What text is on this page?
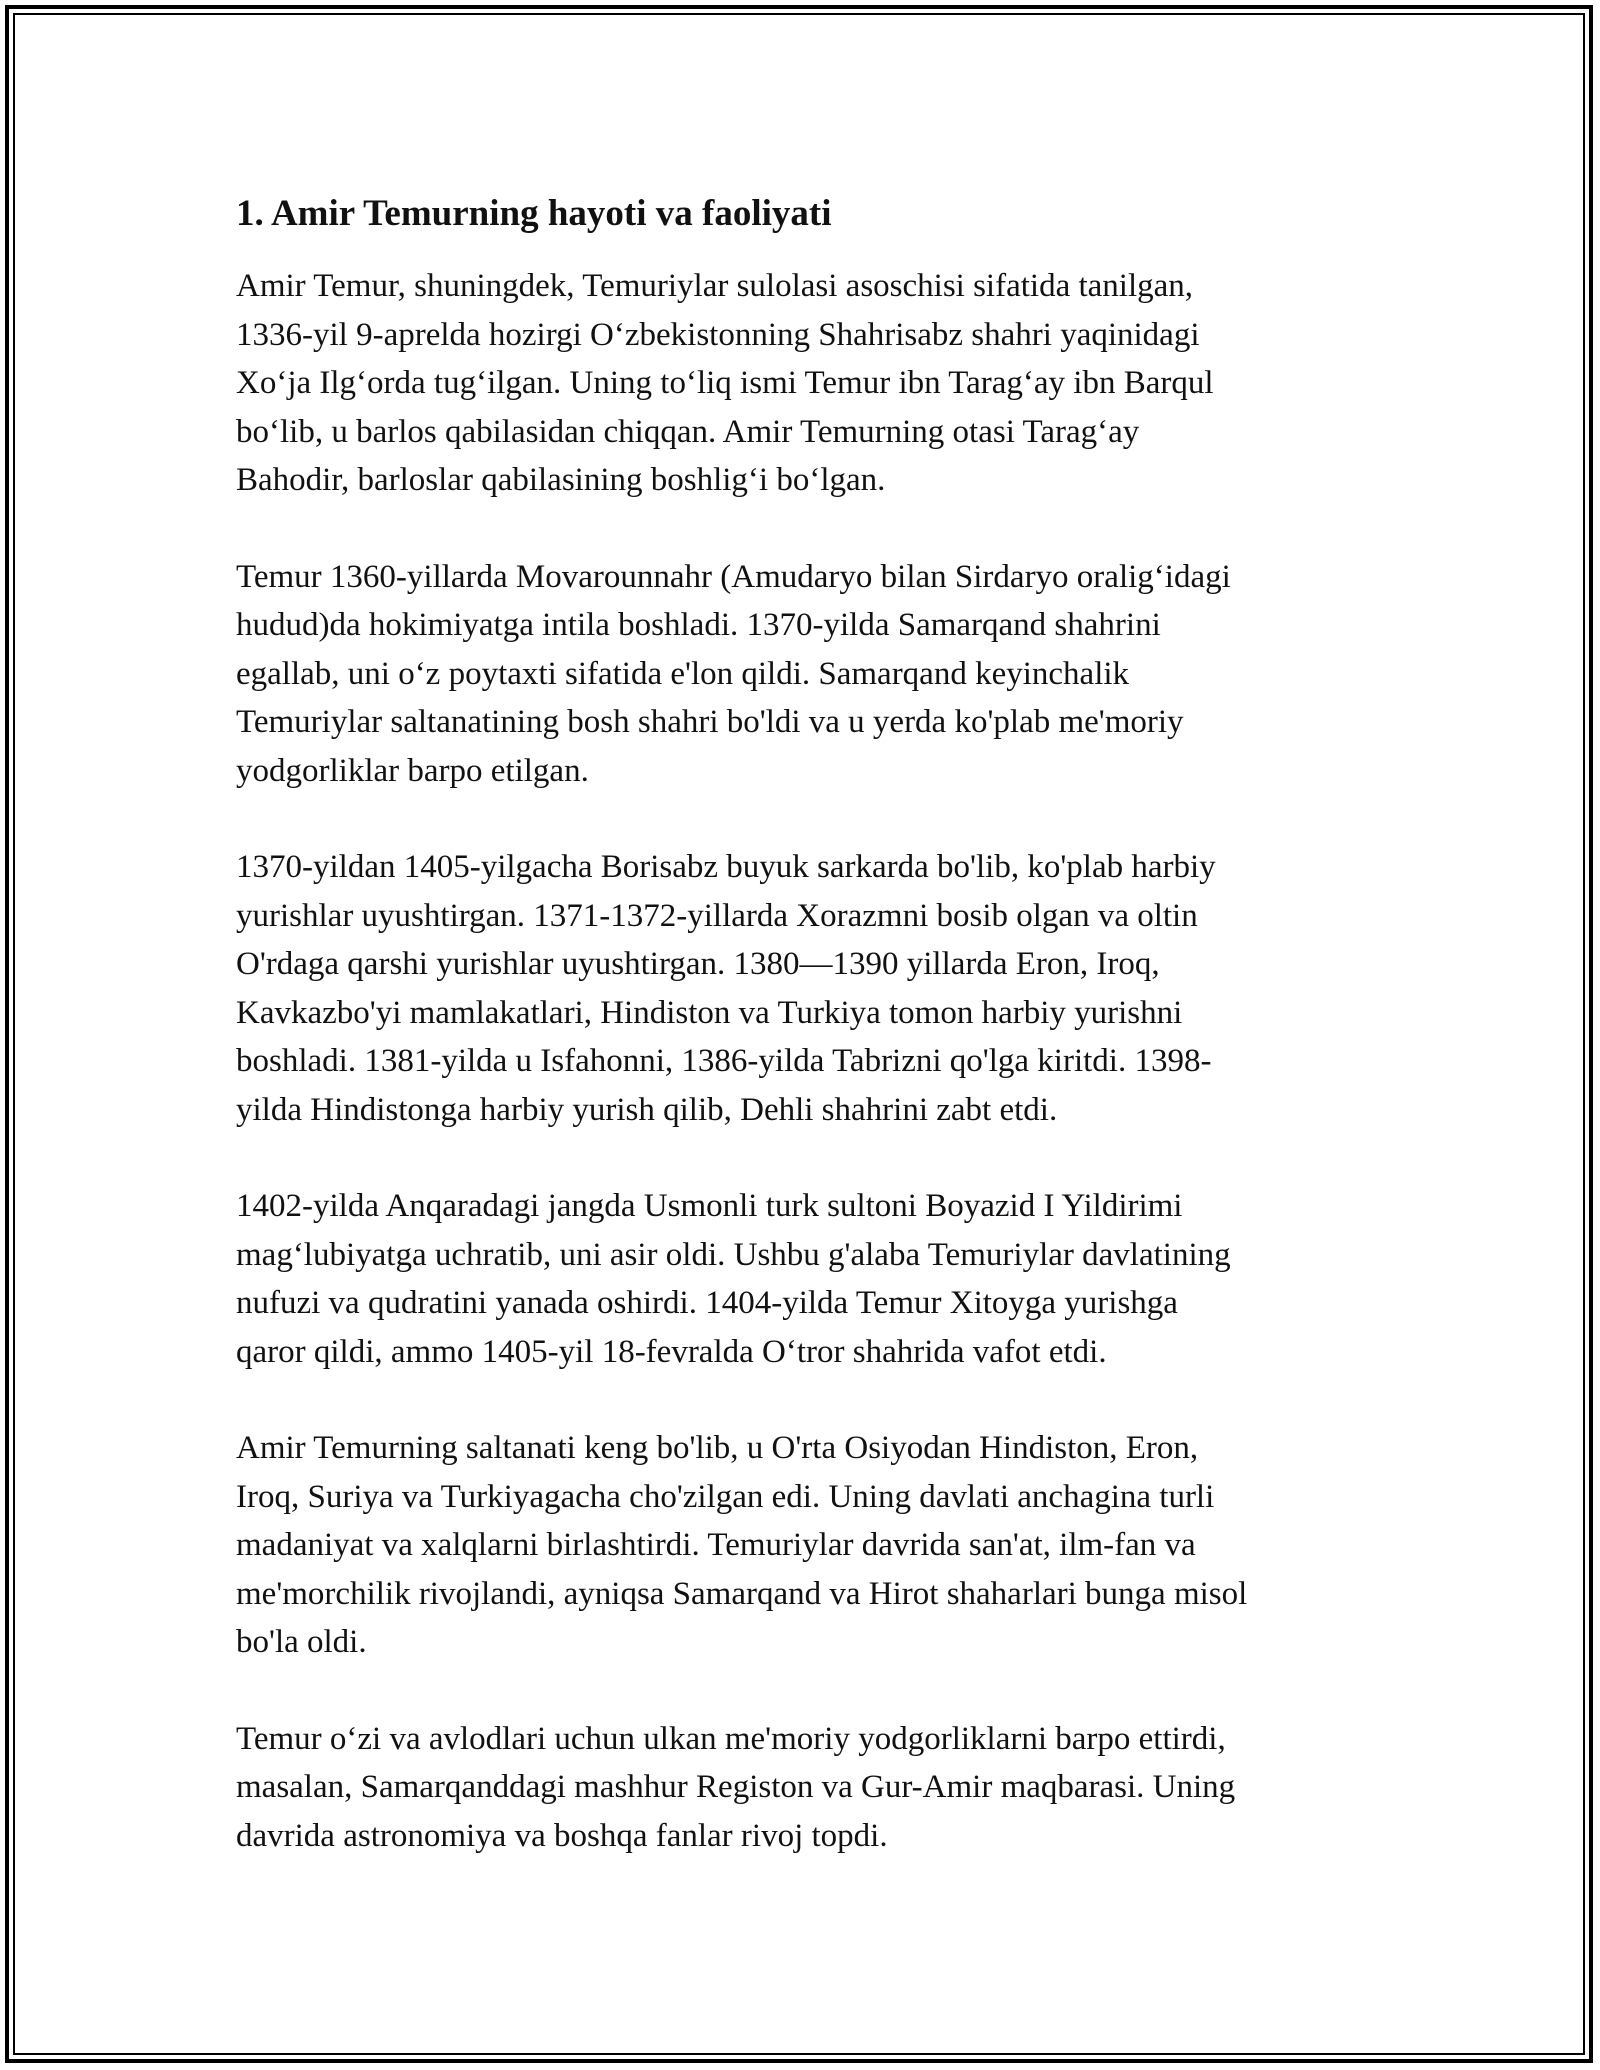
1. Amir Temurning hayoti va faoliyati

Amir Temur, shuningdek, Temuriylar sulolasi asoschisi sifatida tanilgan,
1336-yil 9-aprelda hozirgi O‘zbekistonning Shahrisabz shahri yaqinidagi
Xo‘ja Ilg‘orda tug‘ilgan. Uning to‘liq ismi Temur ibn Tarag‘ay ibn Barqul
bo‘lib, u barlos qabilasidan chiqqan. Amir Temurning otasi Tarag‘ay
Bahodir, barloslar qabilasining boshlig‘i bo‘lgan.

Temur 1360-yillarda Movarounnahr (Amudaryo bilan Sirdaryo oralig‘idagi
hudud)da hokimiyatga intila boshladi. 1370-yilda Samarqand shahrini
egallab, uni o‘z poytaxti sifatida e'lon qildi. Samarqand keyinchalik
Temuriylar saltanatining bosh shahri bo'ldi va u yerda ko'plab me'moriy
yodgorliklar barpo etilgan.

1370-yildan 1405-yilgacha Borisabz buyuk sarkarda bo'lib, ko'plab harbiy
yurishlar uyushtirgan. 1371-1372-yillarda Xorazmni bosib olgan va oltin
O'rdaga qarshi yurishlar uyushtirgan. 1380—1390 yillarda Eron, Iroq,
Kavkazbo'yi mamlakatlari, Hindiston va Turkiya tomon harbiy yurishni
boshladi. 1381-yilda u Isfahonni, 1386-yilda Tabrizni qo'lga kiritdi. 1398-
yilda Hindistonga harbiy yurish qilib, Dehli shahrini zabt etdi.

1402-yilda Anqaradagi jangda Usmonli turk sultoni Boyazid I Yildirimi
mag‘lubiyatga uchratib, uni asir oldi. Ushbu g'alaba Temuriylar davlatining
nufuzi va qudratini yanada oshirdi. 1404-yilda Temur Xitoyga yurishga
qaror qildi, ammo 1405-yil 18-fevralda O‘tror shahrida vafot etdi.

Amir Temurning saltanati keng bo'lib, u O'rta Osiyodan Hindiston, Eron,
Iroq, Suriya va Turkiyagacha cho'zilgan edi. Uning davlati anchagina turli
madaniyat va xalqlarni birlashtirdi. Temuriylar davrida san'at, ilm-fan va
me'morchilik rivojlandi, ayniqsa Samarqand va Hirot shaharlari bunga misol
bo'la oldi.

Temur o‘zi va avlodlari uchun ulkan me'moriy yodgorliklarni barpo ettirdi,
masalan, Samarqanddagi mashhur Registon va Gur-Amir maqbarasi. Uning
davrida astronomiya va boshqa fanlar rivoj topdi.
